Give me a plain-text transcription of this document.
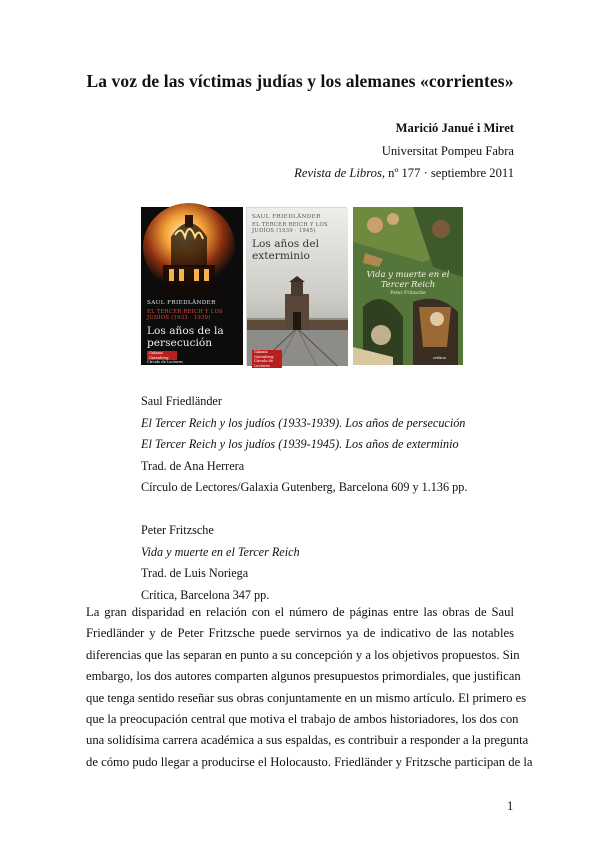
La voz de las víctimas judías y los alemanes «corrientes»
Marició Janué i Miret
Universitat Pompeu Fabra
Revista de Libros, nº 177 · septiembre 2011
SAUL FRIEDLÄNDER
EL TERCER REICH Y LOS JUDÍOS (1933 · 1939)
Los años de la persecución
Galaxia Gutenberg
Círculo de Lectores
SAUL FRIEDLÄNDER
EL TERCER REICH Y LOS JUDÍOS (1939 · 1945)
Los años del exterminio
Galaxia Gutenberg
Círculo de Lectores
Vida y muerte en el Tercer Reich
Peter Fritzsche
crítica
Saul Friedländer
El Tercer Reich y los judíos (1933-1939). Los años de persecución
El Tercer Reich y los judíos (1939-1945). Los años de exterminio
Trad. de Ana Herrera
Círculo de Lectores/Galaxia Gutenberg, Barcelona 609 y 1.136 pp.
Peter Fritzsche
Vida y muerte en el Tercer Reich
Trad. de Luis Noriega
Crítica, Barcelona 347 pp.
La gran disparidad en relación con el número de páginas entre las obras de Saul
Friedländer y de Peter Fritzsche puede servirnos ya de indicativo de las notables
diferencias que las separan en punto a su concepción y a los objetivos propuestos. Sin
embargo, los dos autores comparten algunos presupuestos primordiales, que justifican
que tenga sentido reseñar sus obras conjuntamente en un mismo artículo. El primero es
que la preocupación central que motiva el trabajo de ambos historiadores, los dos con
una solidísima carrera académica a sus espaldas, es contribuir a responder a la pregunta
de cómo pudo llegar a producirse el Holocausto. Friedländer y Fritzsche participan de la
1
